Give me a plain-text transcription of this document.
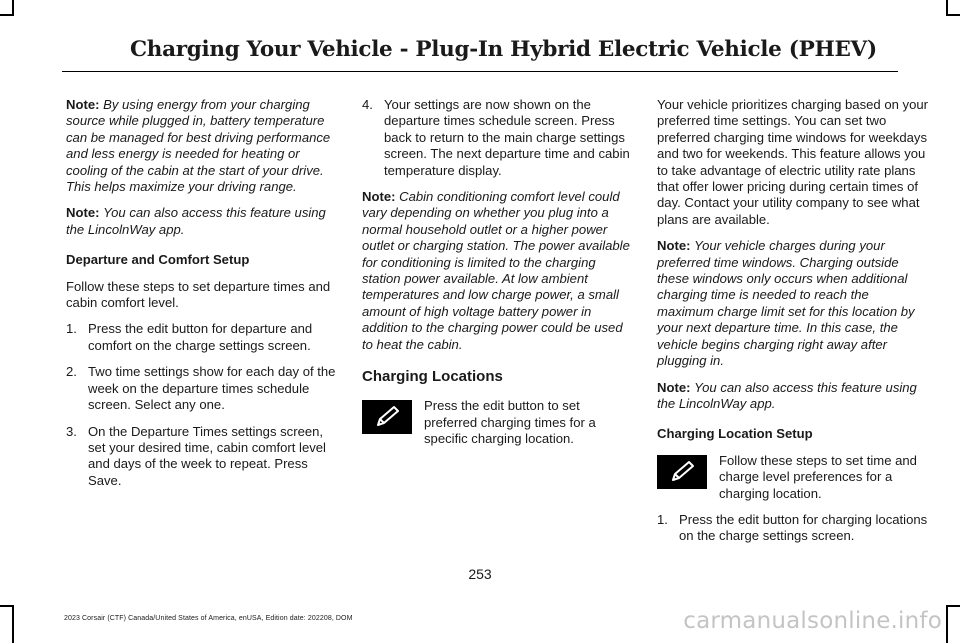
Charging Your Vehicle - Plug-In Hybrid Electric Vehicle (PHEV)

Note: By using energy from your charging source while plugged in, battery temperature can be managed for best driving performance and less energy is needed for heating or cooling of the cabin at the start of your drive. This helps maximize your driving range.

Note: You can also access this feature using the LincolnWay app.

Departure and Comfort Setup

Follow these steps to set departure times and cabin comfort level.

1. Press the edit button for departure and comfort on the charge settings screen.
2. Two time settings show for each day of the week on the departure times schedule screen. Select any one.
3. On the Departure Times settings screen, set your desired time, cabin comfort level and days of the week to repeat. Press Save.
4. Your settings are now shown on the departure times schedule screen. Press back to return to the main charge settings screen. The next departure time and cabin temperature display.

Note: Cabin conditioning comfort level could vary depending on whether you plug into a normal household outlet or a higher power outlet or charging station. The power available for conditioning is limited to the charging station power available. At low ambient temperatures and low charge power, a small amount of high voltage battery power in addition to the charging power could be used to heat the cabin.

Charging Locations
Press the edit button to set preferred charging times for a specific charging location.

Your vehicle prioritizes charging based on your preferred time settings. You can set two preferred charging time windows for weekdays and two for weekends. This feature allows you to take advantage of electric utility rate plans that offer lower pricing during certain times of day. Contact your utility company to see what plans are available.

Note: Your vehicle charges during your preferred time windows. Charging outside these windows only occurs when additional charging time is needed to reach the maximum charge limit set for this location by your next departure time. In this case, the vehicle begins charging right away after plugging in.

Note: You can also access this feature using the LincolnWay app.

Charging Location Setup

Follow these steps to set time and charge level preferences for a charging location.
1. Press the edit button for charging locations on the charge settings screen.
253
2023 Corsair (CTF) Canada/United States of America, enUSA, Edition date: 202208, DOM	carmanualsonline.info
